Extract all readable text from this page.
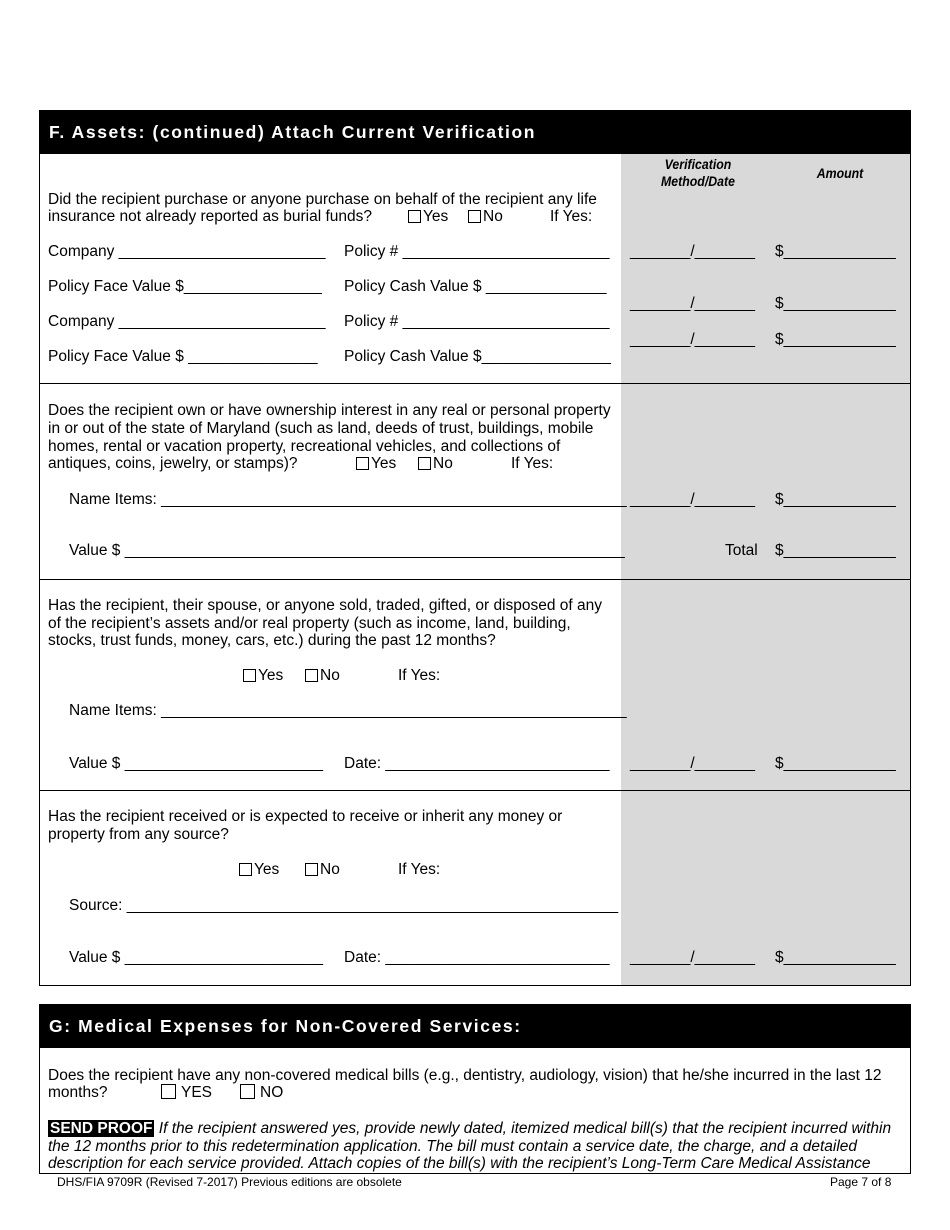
F. Assets: (continued) Attach Current Verification
Verification
Method/Date	Amount
Did the recipient purchase or anyone purchase on behalf of the recipient any life
insurance not already reported as burial funds?	Yes	No	If Yes:
Company ________________________ Policy # ________________________ _______/_______ $_____________
Policy Face Value $________________ Policy Cash Value $ ______________
_______/_______ $_____________
Company ________________________ Policy # ________________________
_______/_______ $_____________
Policy Face Value $ _______________ Policy Cash Value $_______________
Does the recipient own or have ownership interest in any real or personal property
in or out of the state of Maryland (such as land, deeds of trust, buildings, mobile
homes, rental or vacation property, recreational vehicles, and collections of
antiques, coins, jewelry, or stamps)?	Yes	No	If Yes:
Name Items: ______________________________________________________ _______/_______ $_____________
Value $ __________________________________________________________	Total $_____________
Has the recipient, their spouse, or anyone sold, traded, gifted, or disposed of any
of the recipient’s assets and/or real property (such as income, land, building,
stocks, trust funds, money, cars, etc.) during the past 12 months?
Yes	No	If Yes:
Name Items: ______________________________________________________
Value $ _______________________ Date: __________________________ _______/_______ $_____________
Has the recipient received or is expected to receive or inherit any money or
property from any source?
Yes	No	If Yes:
Source: _________________________________________________________
Value $ _______________________ Date: __________________________ _______/_______ $_____________
G: Medical Expenses for Non-Covered Services:
Does the recipient have any non-covered medical bills (e.g., dentistry, audiology, vision) that he/she incurred in the last 12
months?	YES	NO
SEND PROOF If the recipient answered yes, provide newly dated, itemized medical bill(s) that the recipient incurred within
the 12 months prior to this redetermination application. The bill must contain a service date, the charge, and a detailed
description for each service provided. Attach copies of the bill(s) with the recipient’s Long-Term Care Medical Assistance
DHS/FIA 9709R (Revised 7-2017) Previous editions are obsolete	Page 7 of 8
